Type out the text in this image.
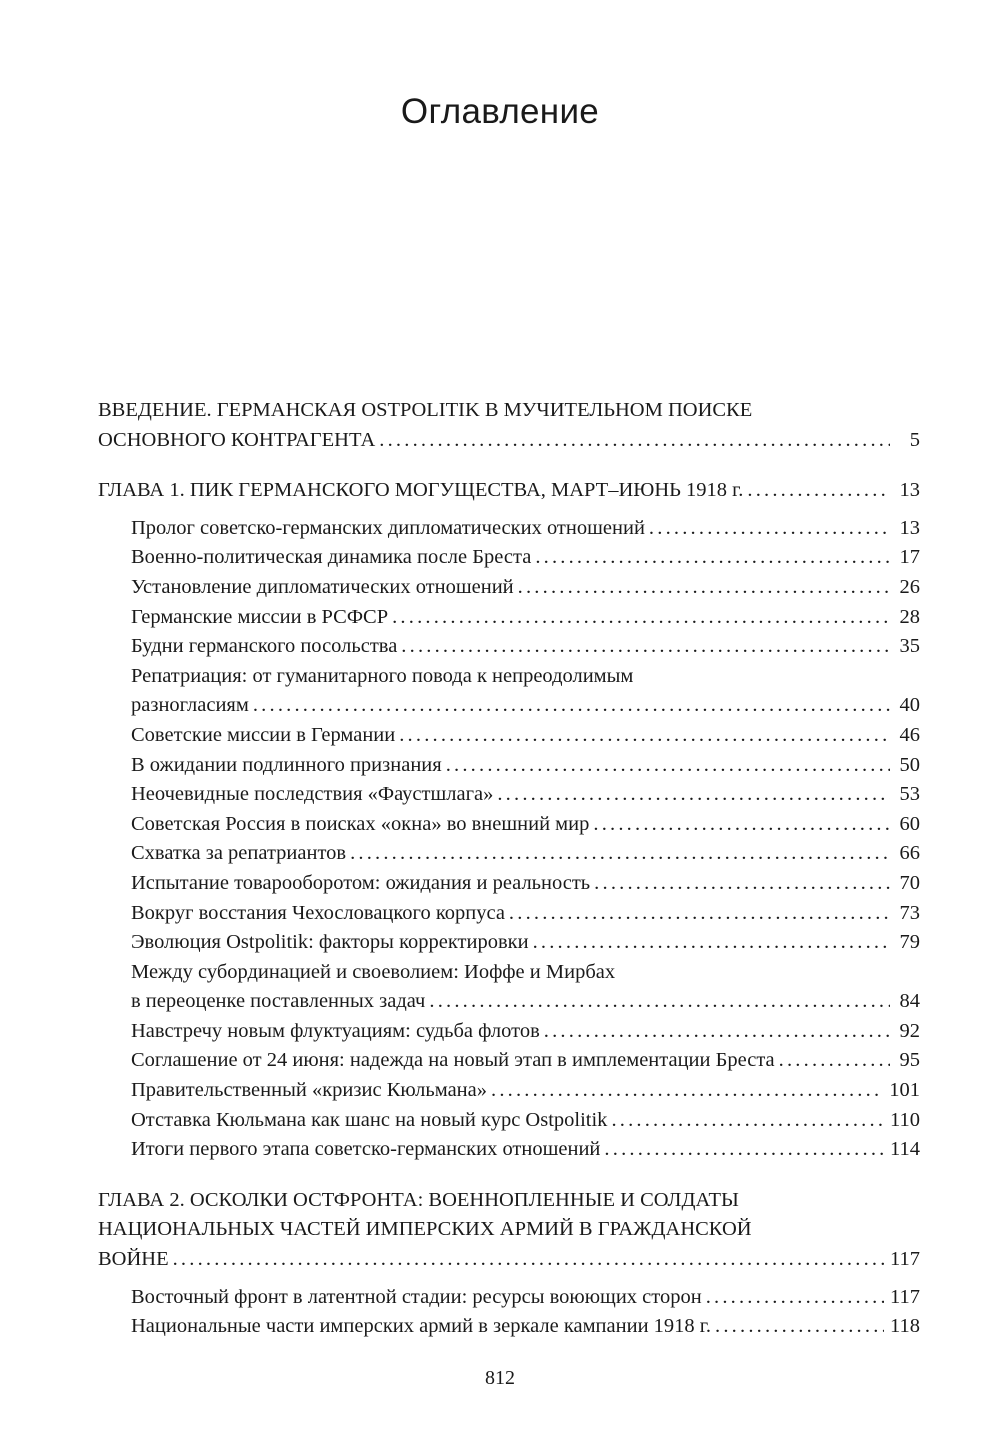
Оглавление
ВВЕДЕНИЕ. ГЕРМАНСКАЯ OSTPOLITIK В МУЧИТЕЛЬНОМ ПОИСКЕ
ОСНОВНОГО КОНТРАГЕНТА .....	5
ГЛАВА 1. ПИК ГЕРМАНСКОГО МОГУЩЕСТВА, МАРТ–ИЮНЬ 1918 г. .....	13
Пролог советско-германских дипломатических отношений .....	13
Военно-политическая динамика после Бреста .....	17
Установление дипломатических отношений .....	26
Германские миссии в РСФСР .....	28
Будни германского посольства .....	35
Репатриация: от гуманитарного повода к непреодолимым
разногласиям .....	40
Советские миссии в Германии .....	46
В ожидании подлинного признания .....	50
Неочевидные последствия «Фауcтшлага» .....	53
Советская Россия в поисках «окна» во внешний мир .....	60
Схватка за репатриантов .....	66
Испытание товарооборотом: ожидания и реальность .....	70
Вокруг восстания Чехословацкого корпуса .....	73
Эволюция Ostpolitik: факторы корректировки .....	79
Между субординацией и своеволием: Иоффе и Мирбах
в переоценке поставленных задач .....	84
Навстречу новым флуктуациям: судьба флотов .....	92
Соглашение от 24 июня: надежда на новый этап в имплементации Бреста .....	95
Правительственный «кризис Кюльмана» .....	101
Отставка Кюльмана как шанс на новый курс Ostpolitik .....	110
Итоги первого этапа советско-германских отношений .....	114
ГЛАВА 2. ОСКОЛКИ ОСТФРОНТА: ВОЕННОПЛЕННЫЕ И СОЛДАТЫ
НАЦИОНАЛЬНЫХ ЧАСТЕЙ ИМПЕРСКИХ АРМИЙ В ГРАЖДАНСКОЙ
ВОЙНЕ .....	117
Восточный фронт в латентной стадии: ресурсы воюющих сторон .....	117
Национальные части имперских армий в зеркале кампании 1918 г. .....	118
812
